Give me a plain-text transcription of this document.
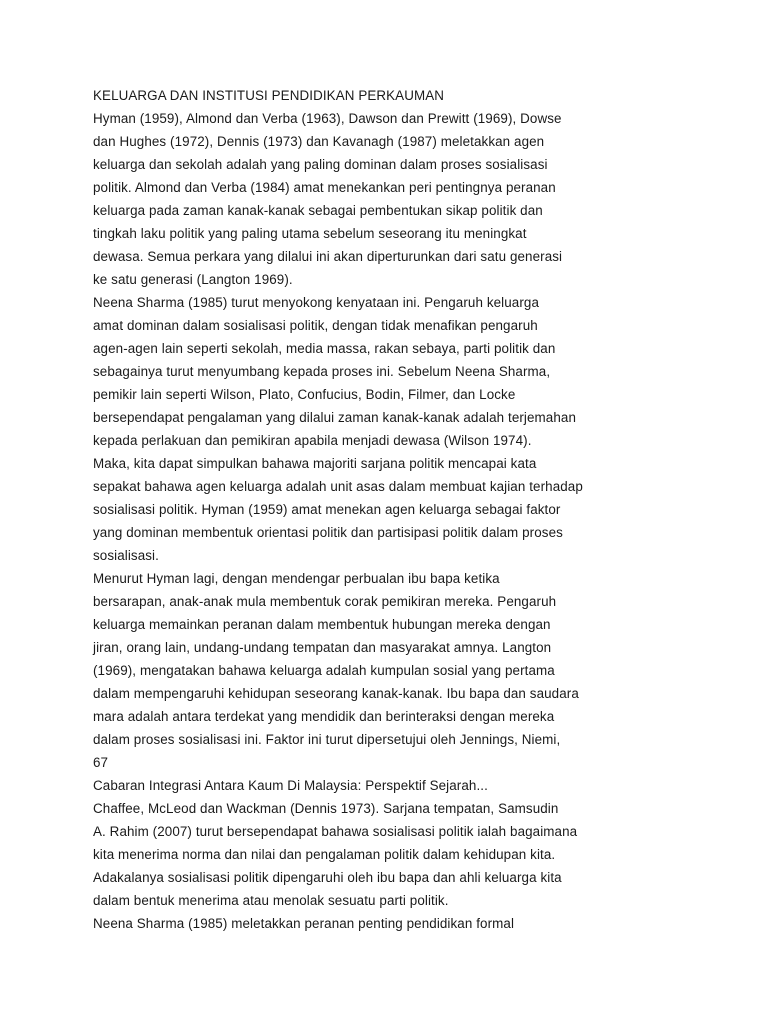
KELUARGA DAN INSTITUSI PENDIDIKAN PERKAUMAN
Hyman (1959), Almond dan Verba (1963), Dawson dan Prewitt (1969), Dowse
dan Hughes (1972), Dennis (1973) dan Kavanagh (1987) meletakkan agen
keluarga dan sekolah adalah yang paling dominan dalam proses sosialisasi
politik. Almond dan Verba (1984) amat menekankan peri pentingnya peranan
keluarga pada zaman kanak-kanak sebagai pembentukan sikap politik dan
tingkah laku politik yang paling utama sebelum seseorang itu meningkat
dewasa. Semua perkara yang dilalui ini akan diperturunkan dari satu generasi
ke satu generasi (Langton 1969).
Neena Sharma (1985) turut menyokong kenyataan ini. Pengaruh keluarga
amat dominan dalam sosialisasi politik, dengan tidak menafikan pengaruh
agen-agen lain seperti sekolah, media massa, rakan sebaya, parti politik dan
sebagainya turut menyumbang kepada proses ini. Sebelum Neena Sharma,
pemikir lain seperti Wilson, Plato, Confucius, Bodin, Filmer, dan Locke
bersependapat pengalaman yang dilalui zaman kanak-kanak adalah terjemahan
kepada perlakuan dan pemikiran apabila menjadi dewasa (Wilson 1974).
Maka, kita dapat simpulkan bahawa majoriti sarjana politik mencapai kata
sepakat bahawa agen keluarga adalah unit asas dalam membuat kajian terhadap
sosialisasi politik. Hyman (1959) amat menekan agen keluarga sebagai faktor
yang dominan membentuk orientasi politik dan partisipasi politik dalam proses
sosialisasi.
Menurut Hyman lagi, dengan mendengar perbualan ibu bapa ketika
bersarapan, anak-anak mula membentuk corak pemikiran mereka. Pengaruh
keluarga memainkan peranan dalam membentuk hubungan mereka dengan
jiran, orang lain, undang-undang tempatan dan masyarakat amnya. Langton
(1969), mengatakan bahawa keluarga adalah kumpulan sosial yang pertama
dalam mempengaruhi kehidupan seseorang kanak-kanak. Ibu bapa dan saudara
mara adalah antara terdekat yang mendidik dan berinteraksi dengan mereka
dalam proses sosialisasi ini. Faktor ini turut dipersetujui oleh Jennings, Niemi,
67
Cabaran Integrasi Antara Kaum Di Malaysia: Perspektif Sejarah...
Chaffee, McLeod dan Wackman (Dennis 1973). Sarjana tempatan, Samsudin
A. Rahim (2007) turut bersependapat bahawa sosialisasi politik ialah bagaimana
kita menerima norma dan nilai dan pengalaman politik dalam kehidupan kita.
Adakalanya sosialisasi politik dipengaruhi oleh ibu bapa dan ahli keluarga kita
dalam bentuk menerima atau menolak sesuatu parti politik.
Neena Sharma (1985) meletakkan peranan penting pendidikan formal
